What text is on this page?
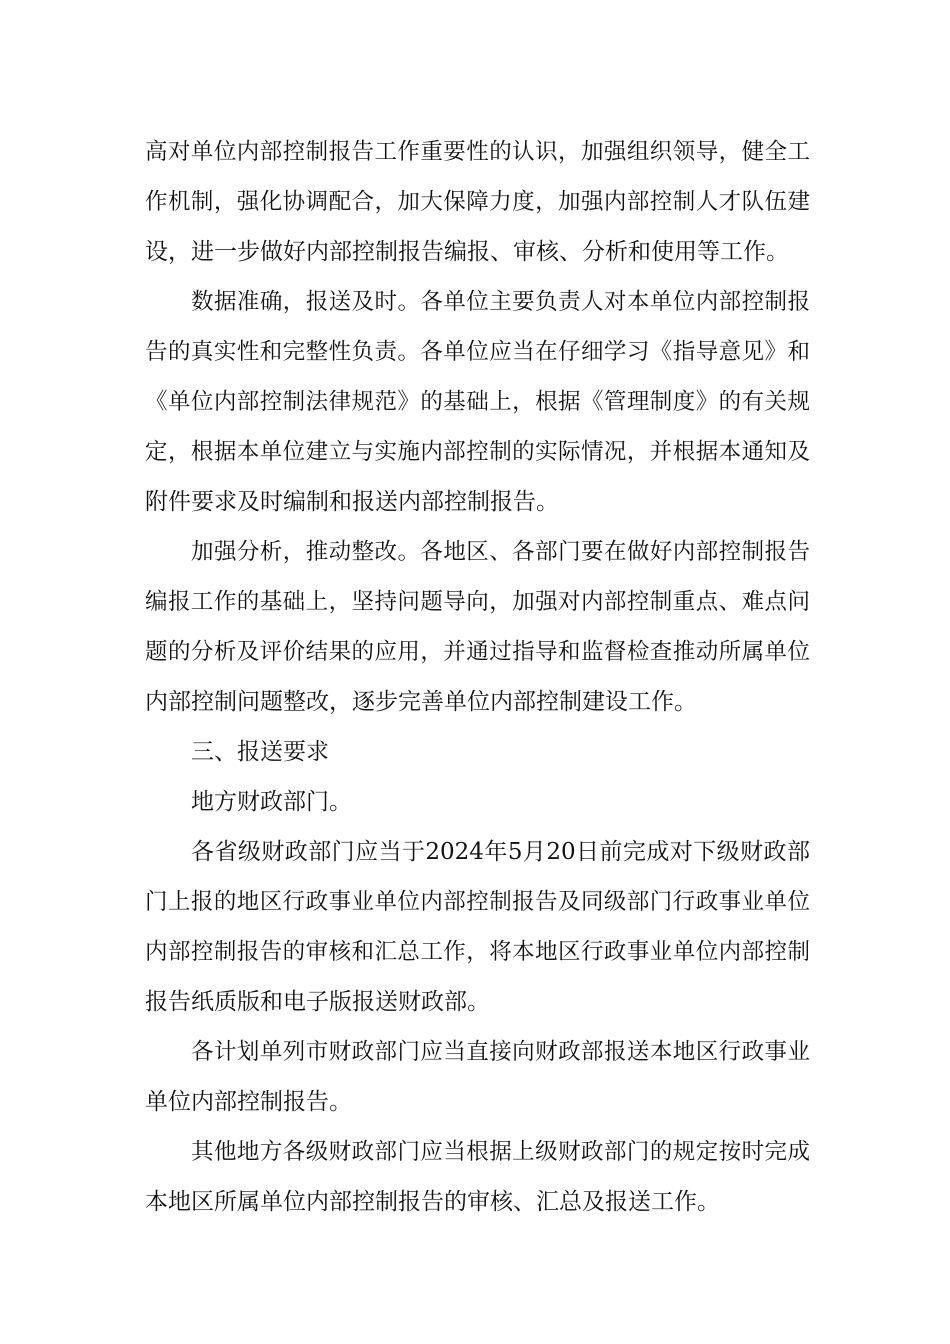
高对单位内部控制报告工作重要性的认识，加强组织领导，健全工
作机制，强化协调配合，加大保障力度，加强内部控制人才队伍建
设，进一步做好内部控制报告编报、审核、分析和使用等工作。
数据准确，报送及时。各单位主要负责人对本单位内部控制报
告的真实性和完整性负责。各单位应当在仔细学习《指导意见》和
《单位内部控制法律规范》的基础上，根据《管理制度》的有关规
定，根据本单位建立与实施内部控制的实际情况，并根据本通知及
附件要求及时编制和报送内部控制报告。
加强分析，推动整改。各地区、各部门要在做好内部控制报告
编报工作的基础上，坚持问题导向，加强对内部控制重点、难点问
题的分析及评价结果的应用，并通过指导和监督检查推动所属单位
内部控制问题整改，逐步完善单位内部控制建设工作。
三、报送要求
地方财政部门。
各省级财政部门应当于2024年5月20日前完成对下级财政部
门上报的地区行政事业单位内部控制报告及同级部门行政事业单位
内部控制报告的审核和汇总工作，将本地区行政事业单位内部控制
报告纸质版和电子版报送财政部。
各计划单列市财政部门应当直接向财政部报送本地区行政事业
单位内部控制报告。
其他地方各级财政部门应当根据上级财政部门的规定按时完成
本地区所属单位内部控制报告的审核、汇总及报送工作。
